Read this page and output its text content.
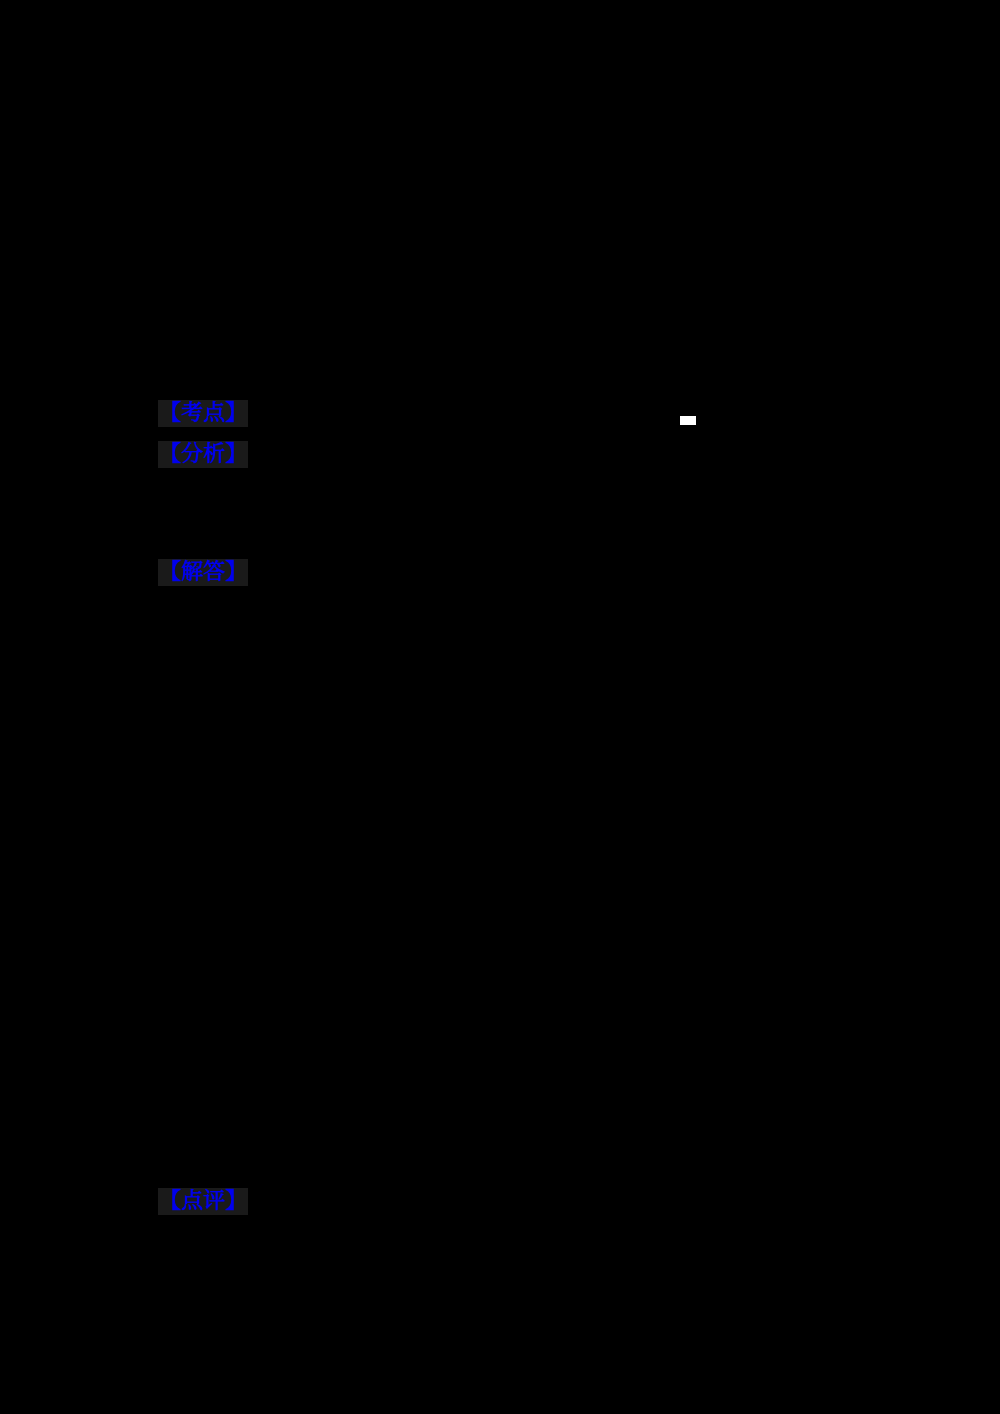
【考点】
【分析】
【解答】
【点评】
